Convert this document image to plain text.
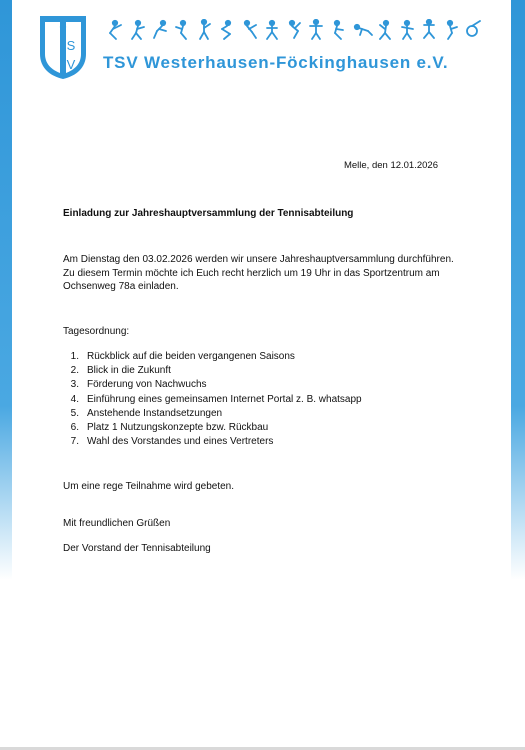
T
S
V TSV Westerhausen-Föckinghausen e.V.
Melle, den 12.01.2026
Einladung zur Jahreshauptversammlung der Tennisabteilung

Am Dienstag den 03.02.2026 werden wir unsere Jahreshauptversammlung durchführen.

Zu diesem Termin möchte ich Euch recht herzlich um 19 Uhr in das Sportzentrum am Ochsenweg 78a einladen.

Tagesordnung:
1. Rückblick auf die beiden vergangenen Saisons
2. Blick in die Zukunft
3. Förderung von Nachwuchs
4. Einführung eines gemeinsamen Internet Portal z. B. whatsapp
5. Anstehende Instandsetzungen
6. Platz 1 Nutzungskonzepte bzw. Rückbau
7. Wahl des Vorstandes und eines Vertreters
Um eine rege Teilnahme wird gebeten.
Mit freundlichen Grüßen
Der Vorstand der Tennisabteilung
